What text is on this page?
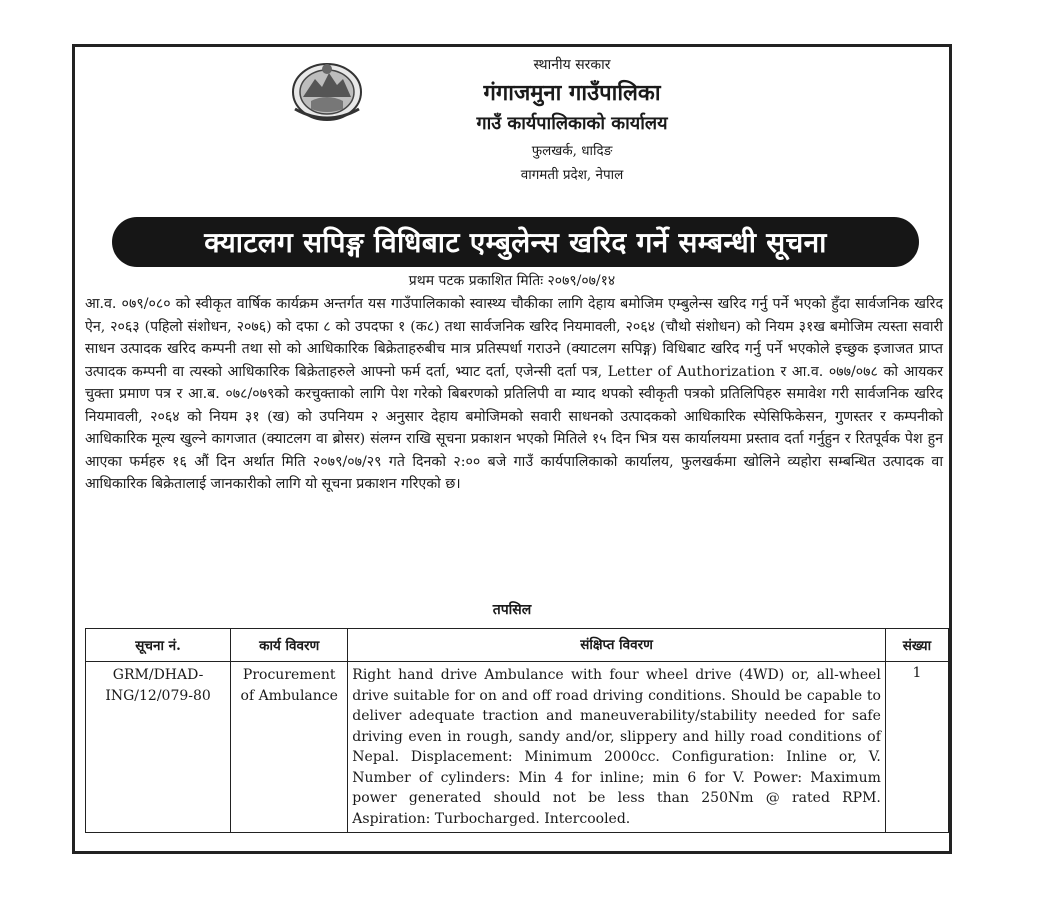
स्थानीय सरकार
गंगाजमुना गाउँपालिका
गाउँ कार्यपालिकाको कार्यालय
फुलखर्क, धादिङ
वागमती प्रदेश, नेपाल
क्याटलग सपिङ्ग विधिबाट एम्बुलेन्स खरिद गर्ने सम्बन्धी सूचना
प्रथम पटक प्रकाशित मितिः २०७९/०७/१४
आ.व. ०७९/०८० को स्वीकृत वार्षिक कार्यक्रम अन्तर्गत यस गाउँपालिकाको स्वास्थ्य चौकीका लागि देहाय बमोजिम एम्बुलेन्स खरिद गर्नु पर्ने भएको हुँदा सार्वजनिक खरिद ऐन, २०६३ (पहिलो संशोधन, २०७६) को दफा ८ को उपदफा १ (क८) तथा सार्वजनिक खरिद नियमावली, २०६४ (चौथो संशोधन) को नियम ३१ख बमोजिम त्यस्ता सवारी साधन उत्पादक खरिद कम्पनी तथा सो को आधिकारिक बिक्रेताहरुबीच मात्र प्रतिस्पर्धा गराउने (क्याटलग सपिङ्ग) विधिबाट खरिद गर्नु पर्ने भएकोले इच्छुक इजाजत प्राप्त उत्पादक कम्पनी वा त्यस्को आधिकारिक बिक्रेताहरुले आफ्नो फर्म दर्ता, भ्याट दर्ता, एजेन्सी दर्ता पत्र, Letter of Authorization र आ.व. ०७७/०७८ को आयकर चुक्ता प्रमाण पत्र र आ.ब. ०७८/०७९को करचुक्ताको लागि पेश गरेको बिबरणको प्रतिलिपी वा म्याद थपको स्वीकृती पत्रको प्रतिलिपिहरु समावेश गरी सार्वजनिक खरिद नियमावली, २०६४ को नियम ३१ (ख) को उपनियम २ अनुसार देहाय बमोजिमको सवारी साधनको उत्पादकको आधिकारिक स्पेसिफिकेसन, गुणस्तर र कम्पनीको आधिकारिक मूल्य खुल्ने कागजात (क्याटलग वा ब्रोसर) संलग्न राखि सूचना प्रकाशन भएको मितिले १५ दिन भित्र यस कार्यालयमा प्रस्ताव दर्ता गर्नुहुन र रितपूर्वक पेश हुन आएका फर्महरु १६ औं दिन अर्थात मिति २०७९/०७/२९ गते दिनको २:०० बजे गाउँ कार्यपालिकाको कार्यालय, फुलखर्कमा खोलिने व्यहोरा सम्बन्धित उत्पादक वा आधिकारिक बिक्रेतालाई जानकारीको लागि यो सूचना प्रकाशन गरिएको छ।
तपसिल
सूचना नं.	कार्य विवरण	संक्षिप्त विवरण	संख्या
GRM/DHAD-ING/12/079-80	Procurement of Ambulance	Right hand drive Ambulance with four wheel drive (4WD) or, all-wheel drive suitable for on and off road driving conditions. Should be capable to deliver adequate traction and maneuverability/stability needed for safe driving even in rough, sandy and/or, slippery and hilly road conditions of Nepal. Displacement: Minimum 2000cc. Configuration: Inline or, V. Number of cylinders: Min 4 for inline; min 6 for V. Power: Maximum power generated should not be less than 250Nm @ rated RPM. Aspiration: Turbocharged. Intercooled.	1
